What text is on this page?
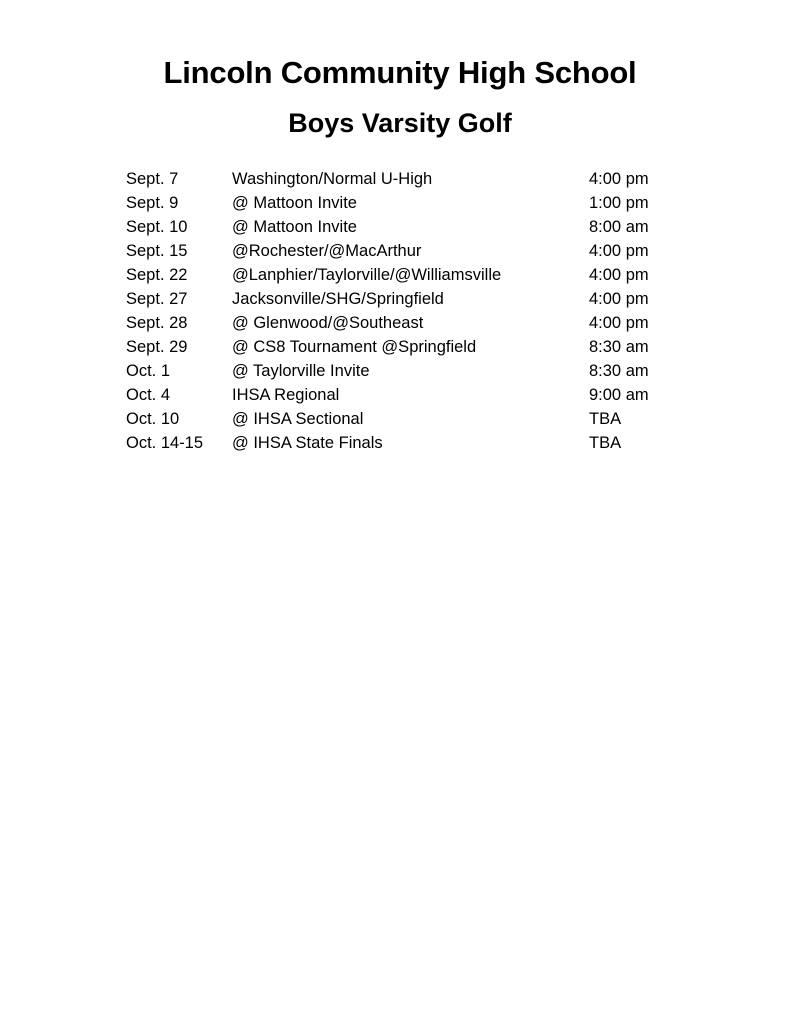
Lincoln Community High School
Boys Varsity Golf
Sept. 7	Washington/Normal U-High	4:00 pm
Sept. 9	@ Mattoon Invite	1:00 pm
Sept. 10	@ Mattoon Invite	8:00 am
Sept. 15	@Rochester/@MacArthur	4:00 pm
Sept. 22	@Lanphier/Taylorville/@Williamsville	4:00 pm
Sept. 27	Jacksonville/SHG/Springfield	4:00 pm
Sept. 28	@ Glenwood/@Southeast	4:00 pm
Sept. 29	@ CS8 Tournament @Springfield	8:30 am
Oct. 1	@ Taylorville Invite	8:30 am
Oct. 4	IHSA Regional	9:00 am
Oct. 10	@ IHSA Sectional	TBA
Oct. 14-15	@ IHSA State Finals	TBA
